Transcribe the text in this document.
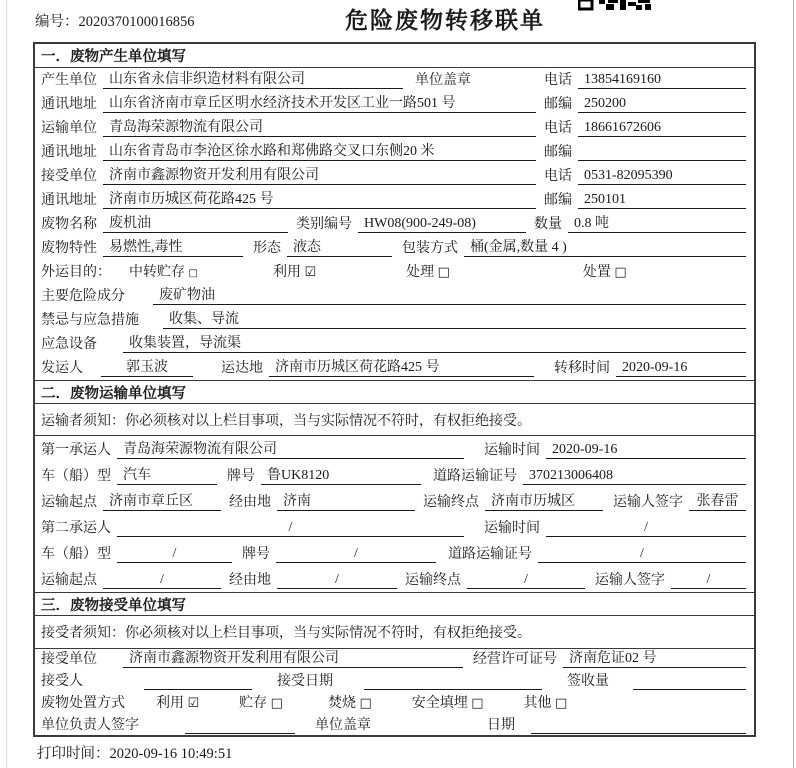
编号：2020370100016856	危险废物转移联单
一．废物产生单位填写
产生单位 山东省永信非织造材料有限公司	单位盖章	电话 13854169160
通讯地址 山东省济南市章丘区明水经济技术开发区工业一路501 号	邮编 250200
运输单位 青岛海荣源物流有限公司	电话 18661672606
通讯地址 山东省青岛市李沧区徐水路和郑佛路交叉口东侧20 米	邮编
接受单位 济南市鑫源物资开发利用有限公司	电话 0531-82095390
通讯地址 济南市历城区荷花路425 号	邮编 250101
废物名称 废机油	类别编号 HW08(900-249-08)	数量 0.8 吨
废物特性 易燃性,毒性	形态 液态	包装方式 桶(金属,数量 4 )
外运目的： 中转贮存 □	利用 ☑	处理 □	处置 □
主要危险成分	废矿物油
禁忌与应急措施	收集、导流
应急设备	收集装置，导流渠
发运人	郭玉波	运达地 济南市历城区荷花路425 号	转移时间 2020-09-16
二．废物运输单位填写
运输者须知：你必须核对以上栏目事项，当与实际情况不符时，有权拒绝接受。
第一承运人 青岛海荣源物流有限公司	运输时间 2020-09-16
车（船）型 汽车	牌号 鲁UK8120	道路运输证号 370213006408
运输起点 济南市章丘区	经由地 济南	运输终点 济南市历城区	运输人签字 张春雷
第二承运人	/	运输时间	/
车（船）型	/	牌号	/	道路运输证号	/
运输起点	/	经由地	/	运输终点	/	运输人签字	/
三．废物接受单位填写
接受者须知：你必须核对以上栏目事项，当与实际情况不符时，有权拒绝接受。
接受单位	济南市鑫源物资开发利用有限公司	经营许可证号 济南危证02 号
接受人	接受日期	签收量
废物处置方式 利用 ☑	贮存 □	焚烧 □	安全填埋 □	其他 □
单位负责人签字	单位盖章	日期
打印时间：2020-09-16 10:49:51
